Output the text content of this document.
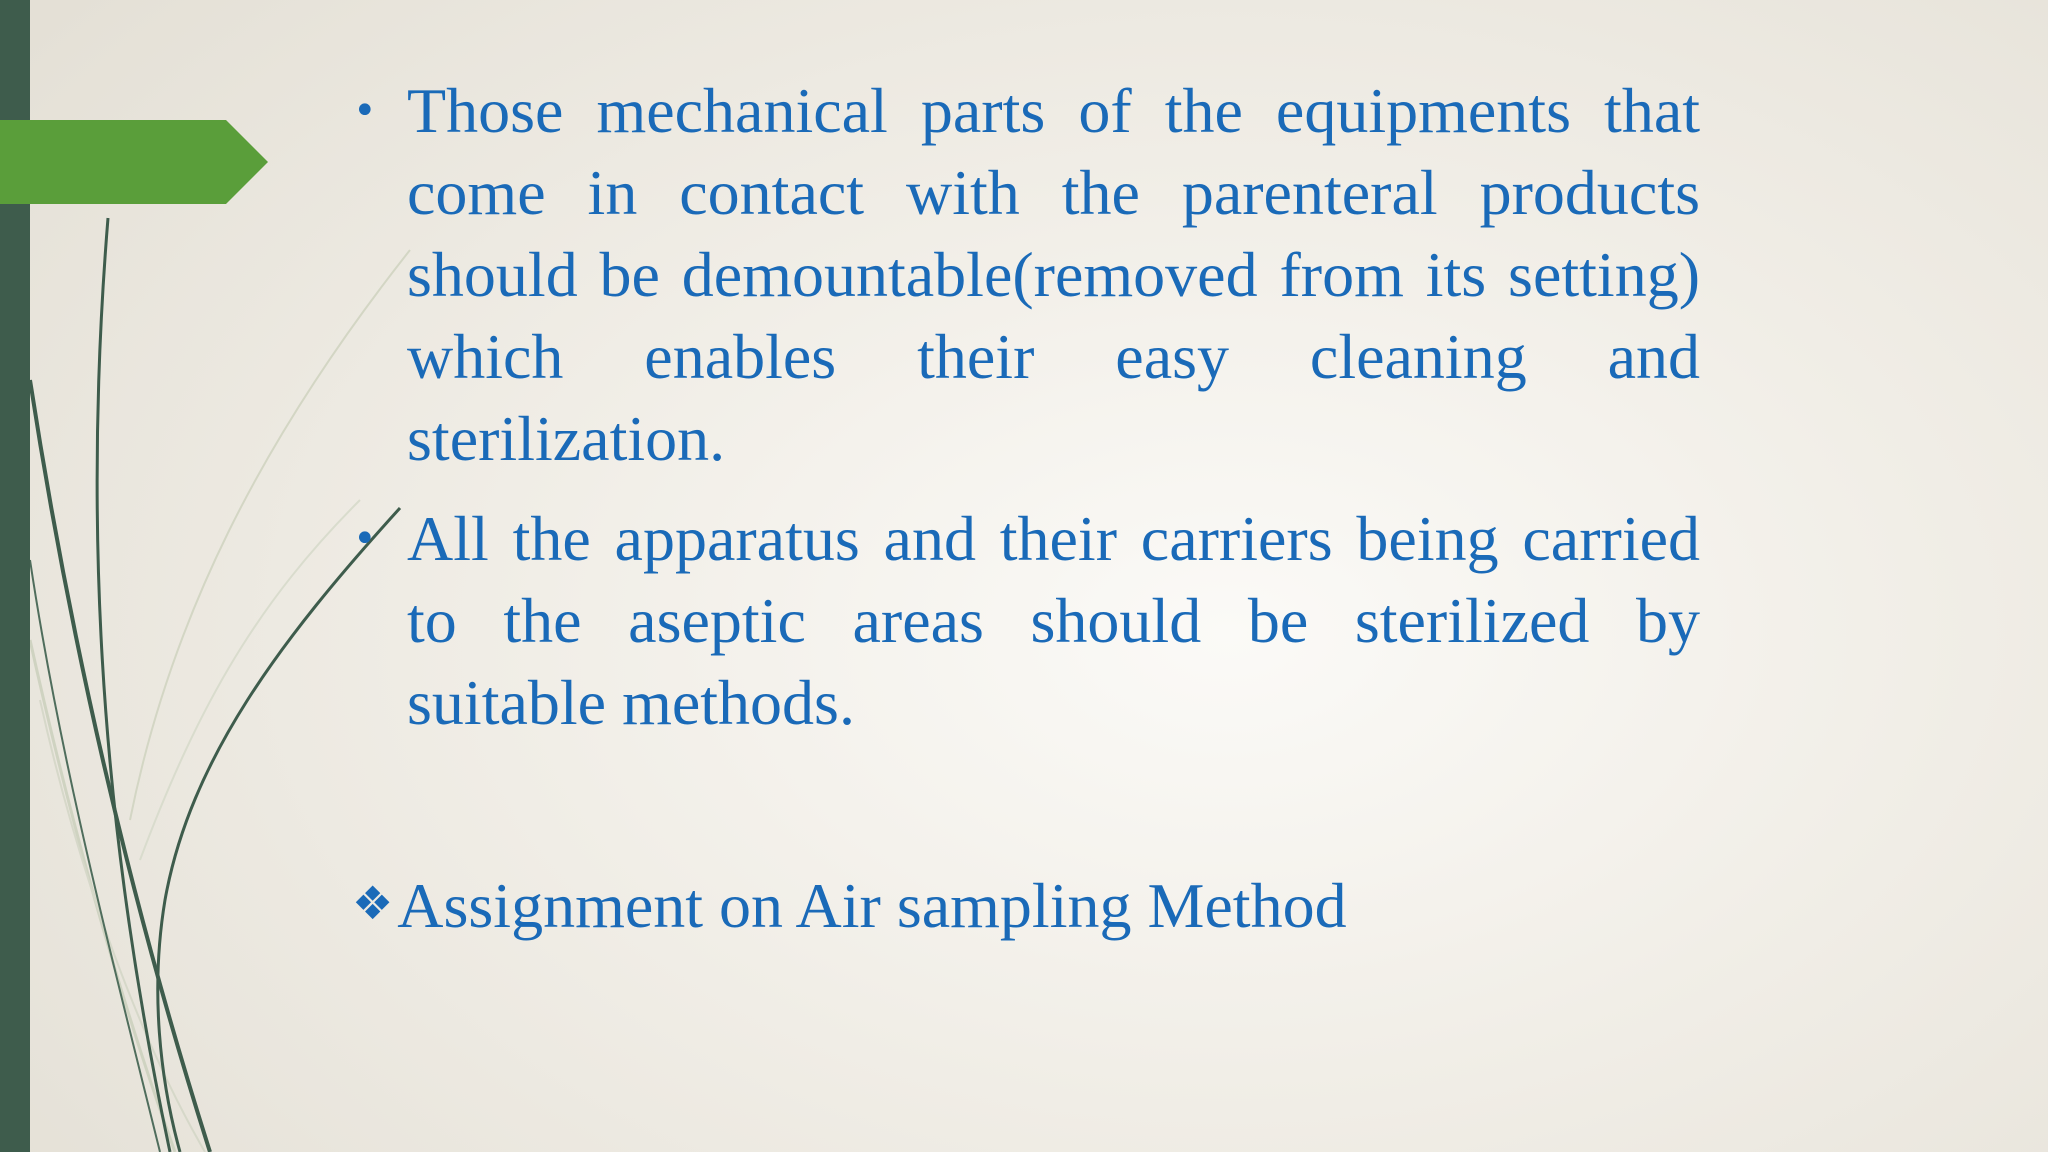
• Those mechanical parts of the equipments that come in contact with the parenteral products should be demountable(removed from its setting) which enables their easy cleaning and sterilization.
• All the apparatus and their carriers being carried to the aseptic areas should be sterilized by suitable methods.
❖Assignment on Air sampling Method
